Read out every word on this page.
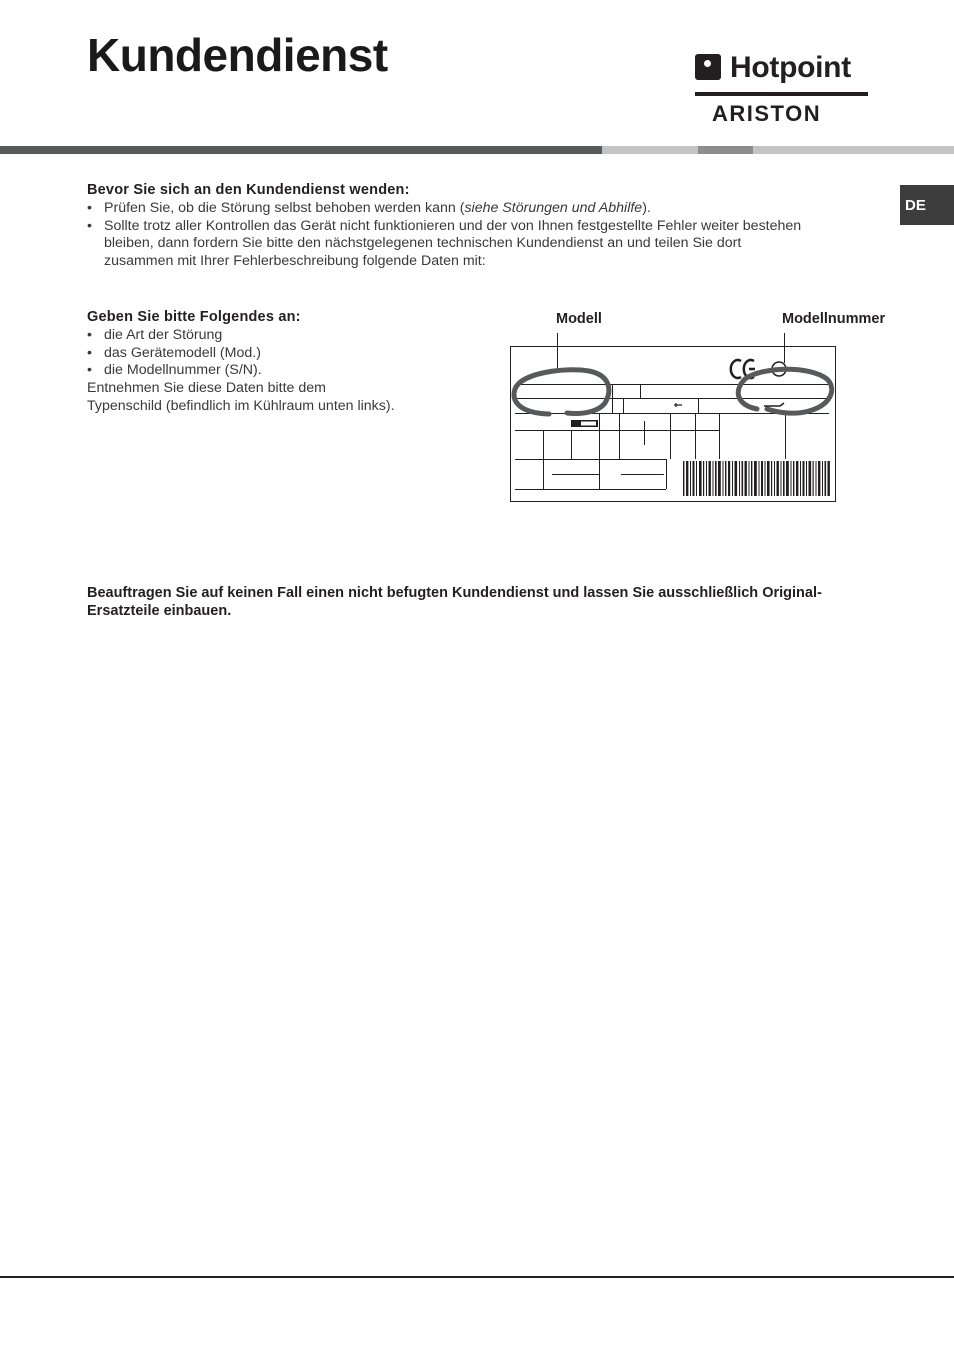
Kundendienst	Hotpoint
ARISTON
DE
Bevor Sie sich an den Kundendienst wenden:
• Prüfen Sie, ob die Störung selbst behoben werden kann (siehe Störungen und Abhilfe).
• Sollte trotz aller Kontrollen das Gerät nicht funktionieren und der von Ihnen festgestellte Fehler weiter bestehen
bleiben, dann fordern Sie bitte den nächstgelegenen technischen Kundendienst an und teilen Sie dort
zusammen mit Ihrer Fehlerbeschreibung folgende Daten mit:
Geben Sie bitte Folgendes an:
• die Art der Störung
• das Gerätemodell (Mod.)
• die Modellnummer (S/N).

Entnehmen Sie diese Daten bitte dem

Typenschild (befindlich im Kühlraum unten links).

Modell	Modellnummer
Beauftragen Sie auf keinen Fall einen nicht befugten Kundendienst und lassen Sie ausschließlich Original-
Ersatzteile einbauen.
